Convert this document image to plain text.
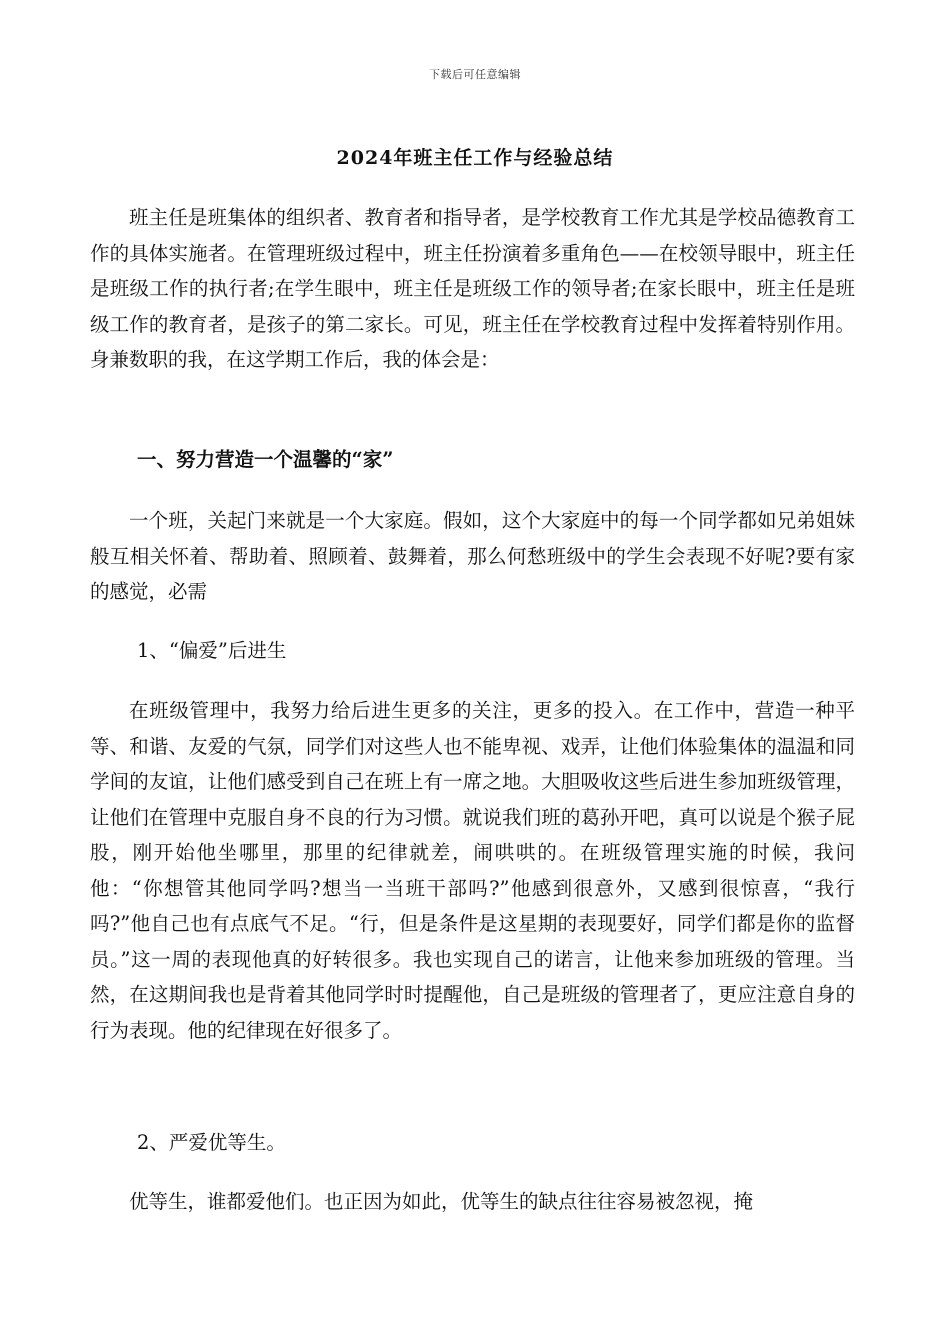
下载后可任意编辑
2024年班主任工作与经验总结

班主任是班集体的组织者、教育者和指导者，是学校教育工作尤其是学校品德教育工作的具体实施者。在管理班级过程中，班主任扮演着多重角色——在校领导眼中，班主任是班级工作的执行者;在学生眼中，班主任是班级工作的领导者;在家长眼中，班主任是班级工作的教育者，是孩子的第二家长。可见，班主任在学校教育过程中发挥着特别作用。身兼数职的我，在这学期工作后，我的体会是：

一、努力营造一个温馨的“家”

一个班，关起门来就是一个大家庭。假如，这个大家庭中的每一个同学都如兄弟姐妹般互相关怀着、帮助着、照顾着、鼓舞着，那么何愁班级中的学生会表现不好呢?要有家的感觉，必需

1、“偏爱”后进生

在班级管理中，我努力给后进生更多的关注，更多的投入。在工作中，营造一种平等、和谐、友爱的气氛，同学们对这些人也不能卑视、戏弄，让他们体验集体的温温和同学间的友谊，让他们感受到自己在班上有一席之地。大胆吸收这些后进生参加班级管理，让他们在管理中克服自身不良的行为习惯。就说我们班的葛孙开吧，真可以说是个猴子屁股，刚开始他坐哪里，那里的纪律就差，闹哄哄的。在班级管理实施的时候，我问他：“你想管其他同学吗?想当一当班干部吗?”他感到很意外，又感到很惊喜，“我行吗?”他自己也有点底气不足。“行，但是条件是这星期的表现要好，同学们都是你的监督员。”这一周的表现他真的好转很多。我也实现自己的诺言，让他来参加班级的管理。当然，在这期间我也是背着其他同学时时提醒他，自己是班级的管理者了，更应注意自身的行为表现。他的纪律现在好很多了。

2、严爱优等生。

优等生，谁都爱他们。也正因为如此，优等生的缺点往往容易被忽视，掩
